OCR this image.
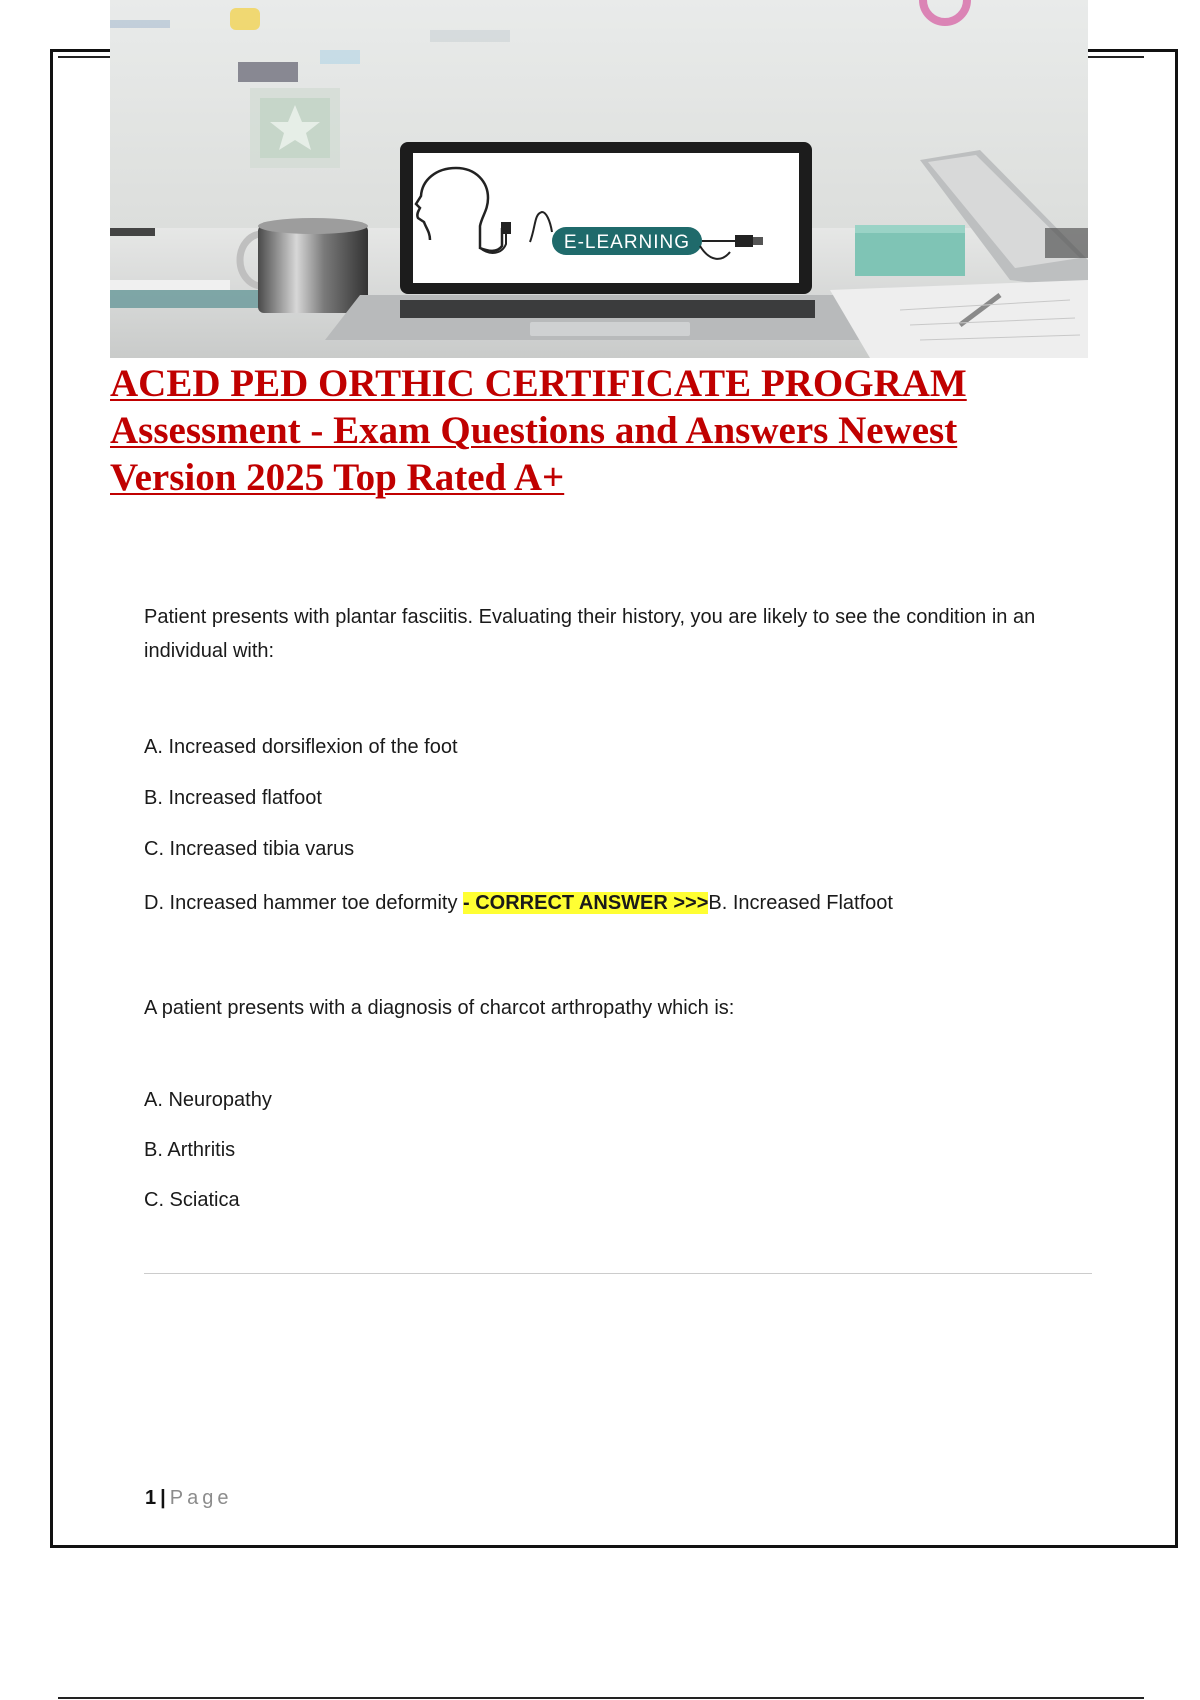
E-LEARNING
ACED PED ORTHIC CERTIFICATE PROGRAM
Assessment - Exam Questions and Answers Newest
Version 2025 Top Rated A+

Patient presents with plantar fasciitis. Evaluating their history, you are likely to see the condition in an individual with:

A. Increased dorsiflexion of the foot
B. Increased flatfoot
C. Increased tibia varus
D. Increased hammer toe deformity - CORRECT ANSWER >>>B. Increased Flatfoot

A patient presents with a diagnosis of charcot arthropathy which is:

A. Neuropathy
B. Arthritis
C. Sciatica
1 | Page
